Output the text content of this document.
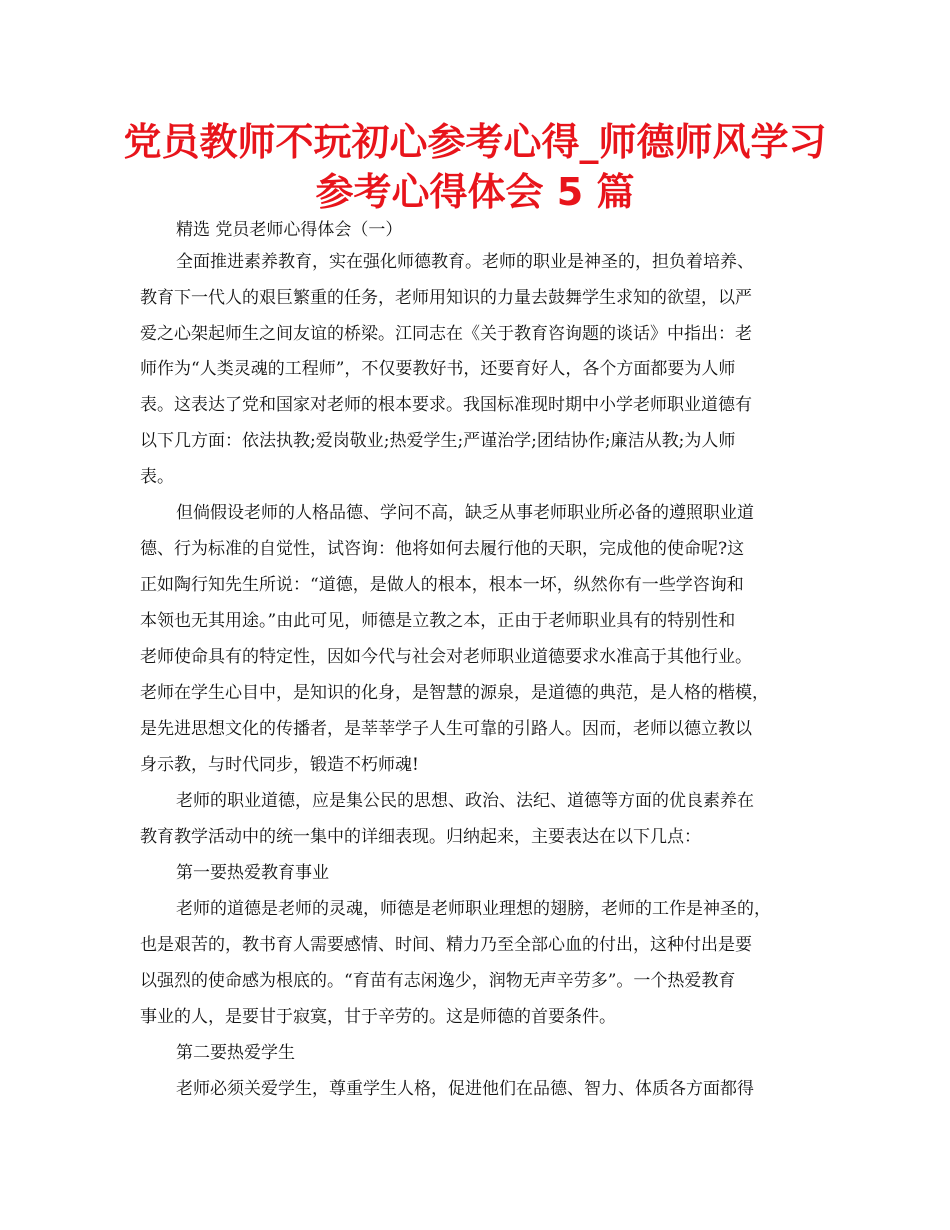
党员教师不玩初心参考心得_师德师风学习
参考心得体会 5 篇
精选 党员老师心得体会（一）
全面推进素养教育，实在强化师德教育。老师的职业是神圣的，担负着培养、
教育下一代人的艰巨繁重的任务，老师用知识的力量去鼓舞学生求知的欲望，以严
爱之心架起师生之间友谊的桥梁。江同志在《关于教育咨询题的谈话》中指出：老
师作为“人类灵魂的工程师”，不仅要教好书，还要育好人，各个方面都要为人师
表。这表达了党和国家对老师的根本要求。我国标准现时期中小学老师职业道德有
以下几方面：依法执教;爱岗敬业;热爱学生;严谨治学;团结协作;廉洁从教;为人师
表。
但倘假设老师的人格品德、学问不高，缺乏从事老师职业所必备的遵照职业道
德、行为标准的自觉性，试咨询：他将如何去履行他的天职，完成他的使命呢?这
正如陶行知先生所说：“道德，是做人的根本，根本一坏，纵然你有一些学咨询和
本领也无其用途。”由此可见，师德是立教之本，正由于老师职业具有的特别性和
老师使命具有的特定性，因如今代与社会对老师职业道德要求水准高于其他行业。
老师在学生心目中，是知识的化身，是智慧的源泉，是道德的典范，是人格的楷模，
是先进思想文化的传播者，是莘莘学子人生可靠的引路人。因而，老师以德立教以
身示教，与时代同步，锻造不朽师魂!
老师的职业道德，应是集公民的思想、政治、法纪、道德等方面的优良素养在
教育教学活动中的统一集中的详细表现。归纳起来，主要表达在以下几点：
第一要热爱教育事业
老师的道德是老师的灵魂，师德是老师职业理想的翅膀，老师的工作是神圣的，
也是艰苦的，教书育人需要感情、时间、精力乃至全部心血的付出，这种付出是要
以强烈的使命感为根底的。“育苗有志闲逸少，润物无声辛劳多”。一个热爱教育
事业的人，是要甘于寂寞，甘于辛劳的。这是师德的首要条件。
第二要热爱学生
老师必须关爱学生，尊重学生人格，促进他们在品德、智力、体质各方面都得
